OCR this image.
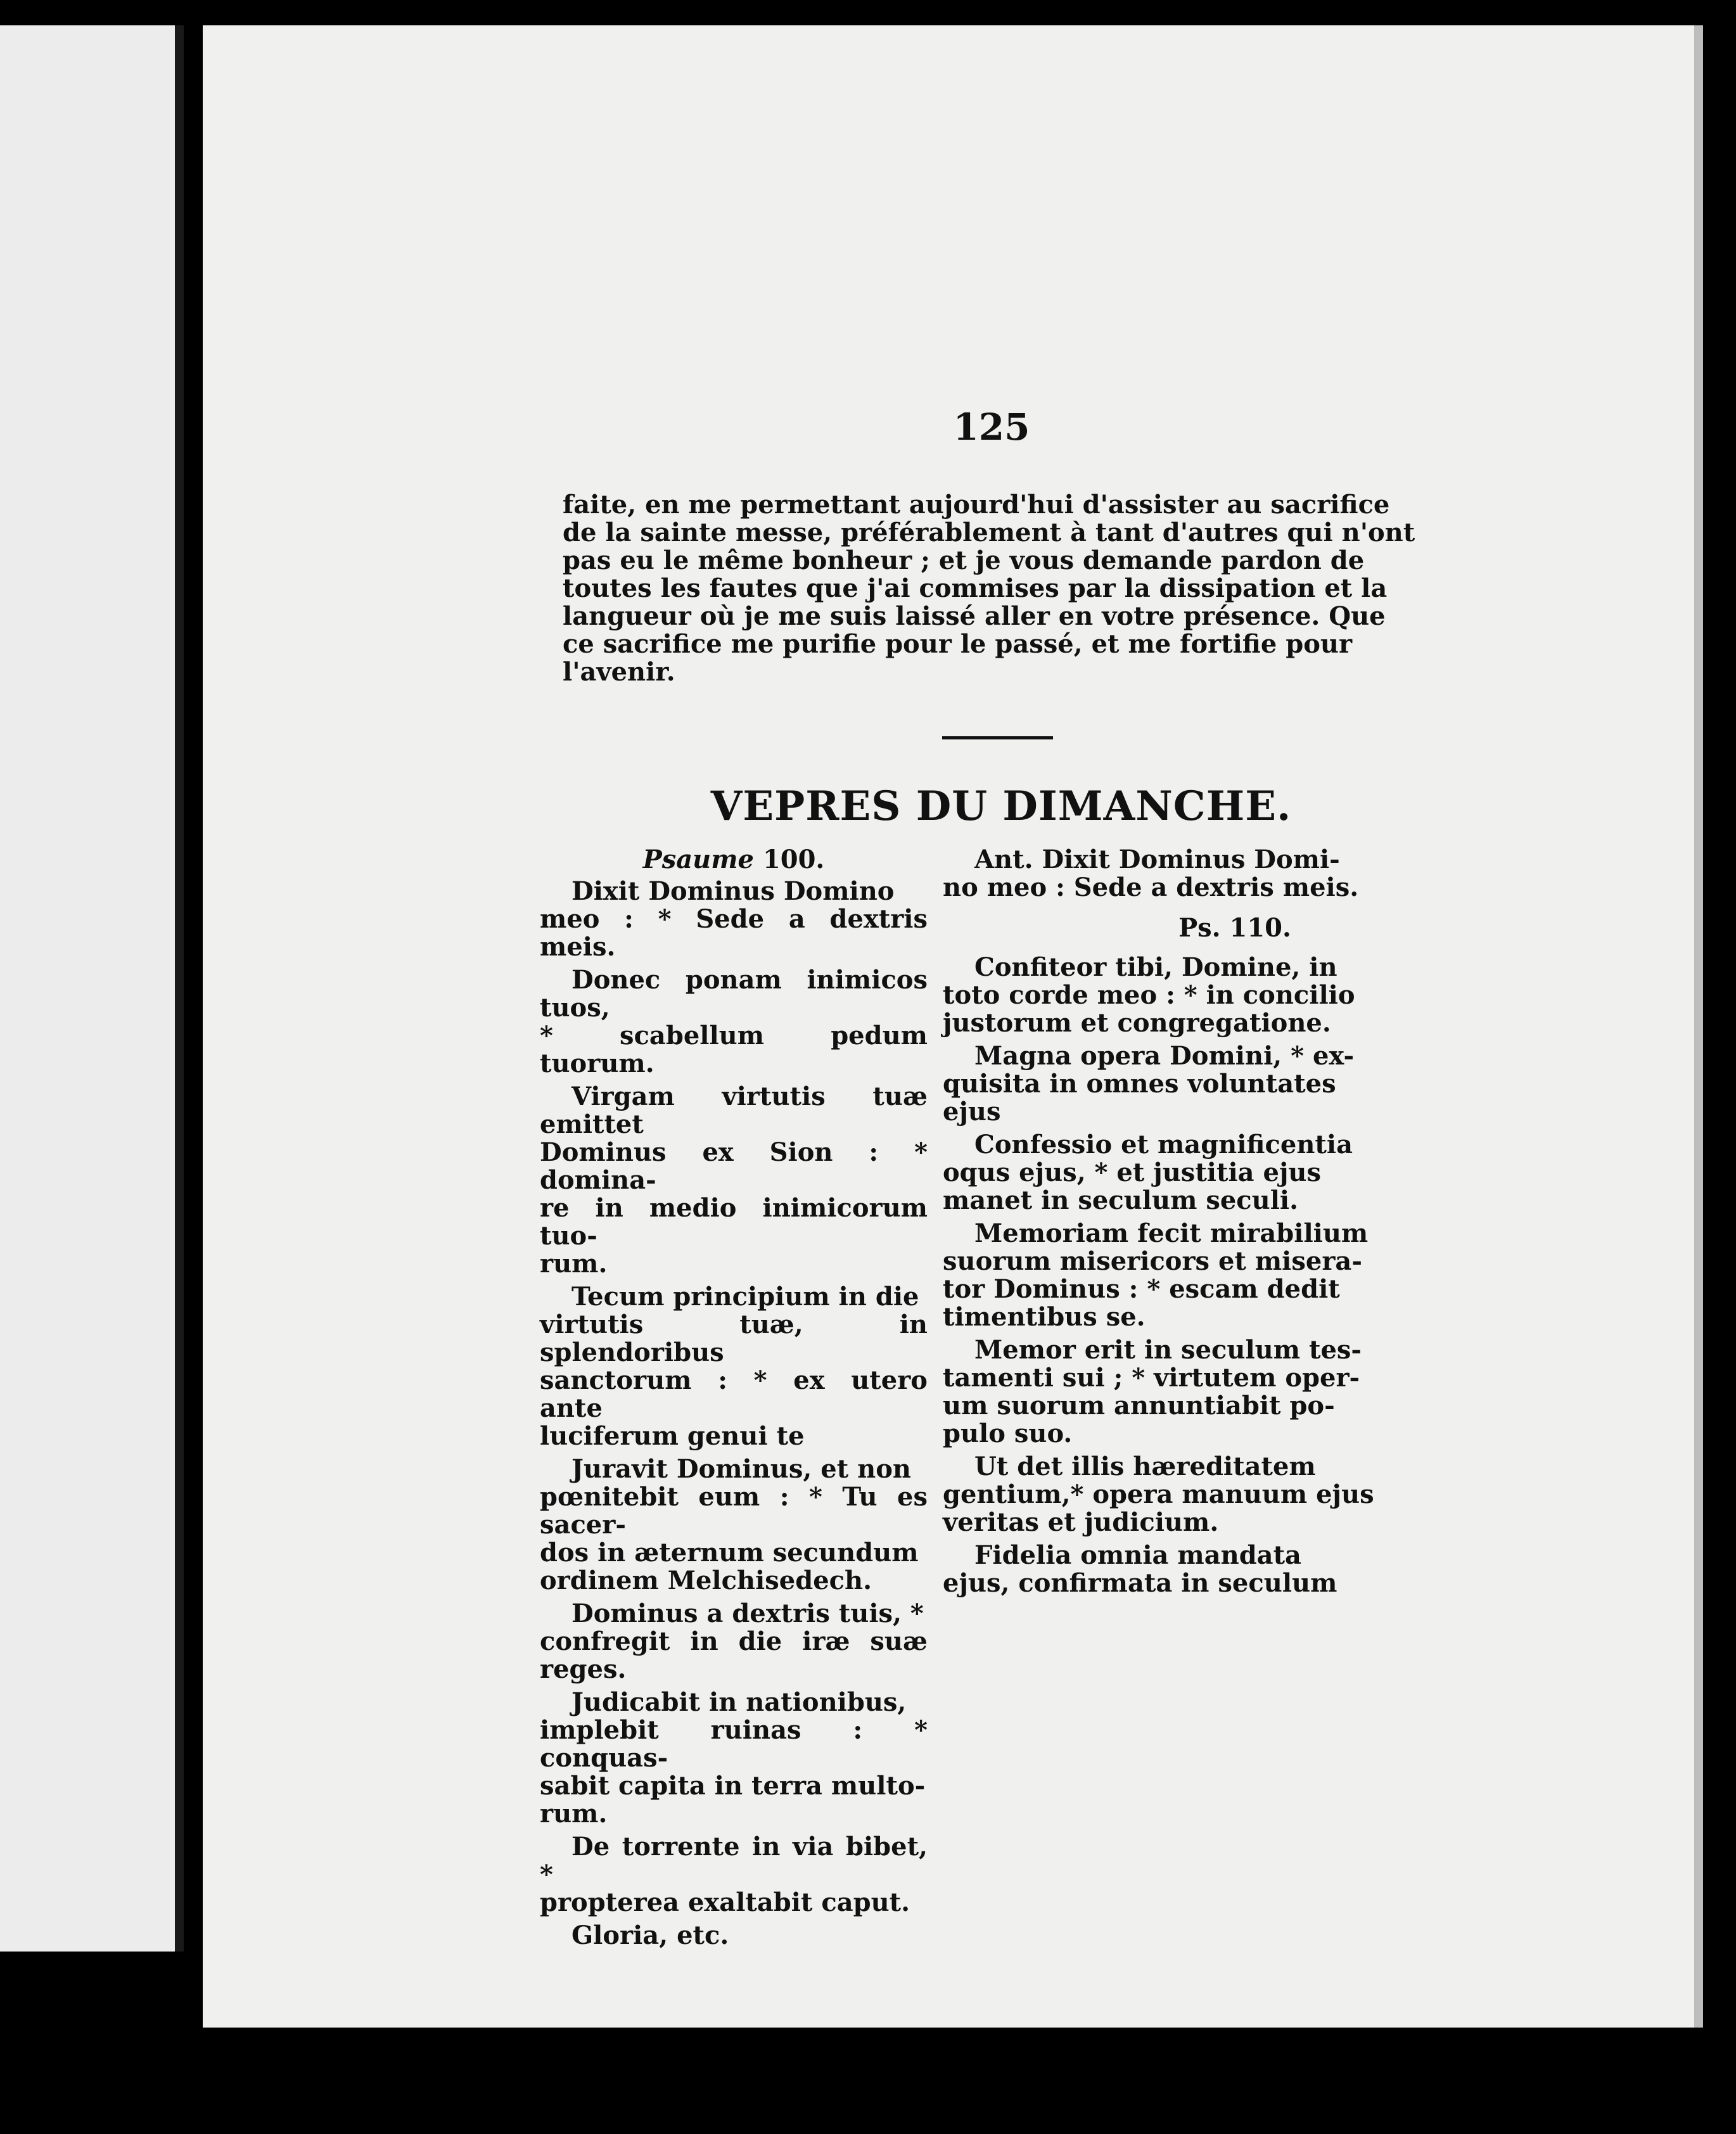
125
faite, en me permettant aujourd'hui d'assister au sacrifice
de la sainte messe, préférablement à tant d'autres qui n'ont
pas eu le même bonheur ; et je vous demande pardon de
toutes les fautes que j'ai commises par la dissipation et la
langueur où je me suis laissé aller en votre présence. Que
ce sacrifice me purifie pour le passé, et me fortifie pour
l'avenir.
VEPRES DU DIMANCHE.
Psaume 100.

Dixit Dominus Domino
meo : * Sede a dextris meis.

Donec ponam inimicos tuos,
* scabellum pedum tuorum.

Virgam virtutis tuæ emittet
Dominus ex Sion : * domina-
re in medio inimicorum tuo-
rum.

Tecum principium in die
virtutis tuæ, in splendoribus
sanctorum : * ex utero ante
luciferum genui te

Juravit Dominus, et non
pœnitebit eum : * Tu es sacer-
dos in æternum secundum
ordinem Melchisedech.

Dominus a dextris tuis, *
confregit in die iræ suæ reges.

Judicabit in nationibus,
implebit ruinas : * conquas-
sabit capita in terra multo-
rum.

De torrente in via bibet, *
propterea exaltabit caput.

Gloria, etc.

Ant. Dixit Dominus Domi-
no meo : Sede a dextris meis.

Ps. 110.

Confiteor tibi, Domine, in
toto corde meo : * in concilio
justorum et congregatione.

Magna opera Domini, * ex-
quisita in omnes voluntates
ejus

Confessio et magnificentia
oqus ejus, * et justitia ejus
manet in seculum seculi.

Memoriam fecit mirabilium
suorum misericors et misera-
tor Dominus : * escam dedit
timentibus se.

Memor erit in seculum tes-
tamenti sui ; * virtutem oper-
um suorum annuntiabit po-
pulo suo.

Ut det illis hæreditatem
gentium,* opera manuum ejus
veritas et judicium.

Fidelia omnia mandata
ejus, confirmata in seculum
